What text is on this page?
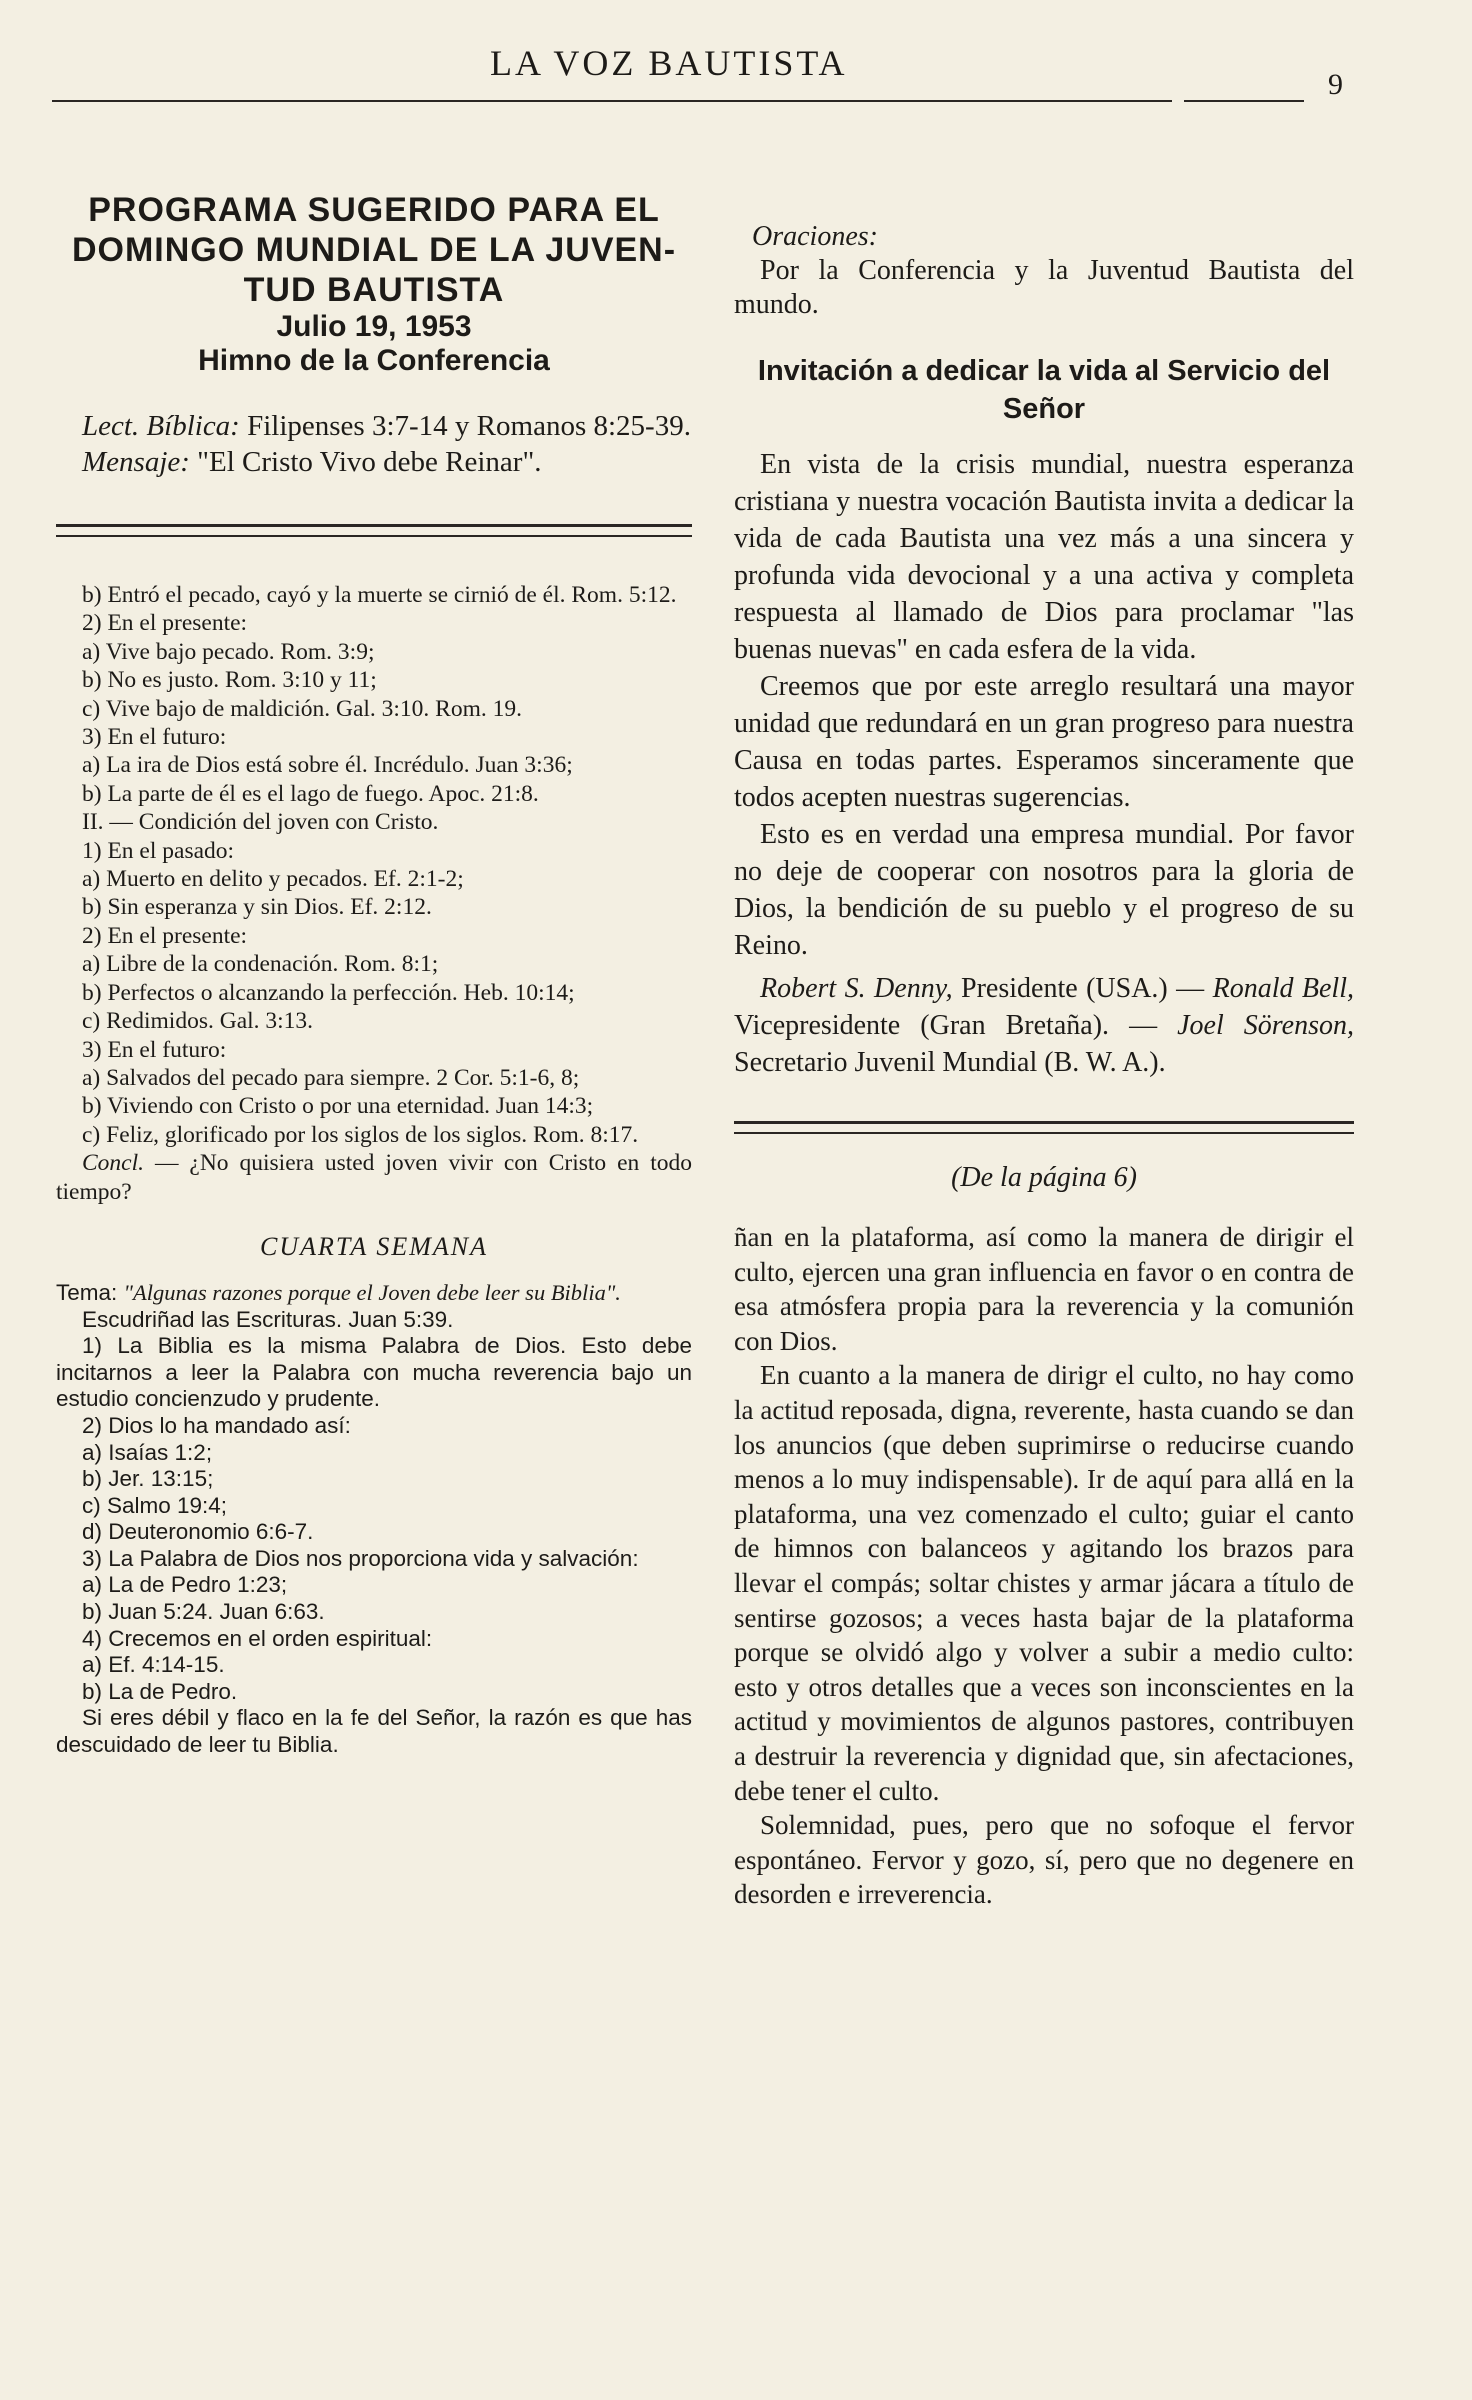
LA VOZ BAUTISTA
9

PROGRAMA SUGERIDO PARA EL

DOMINGO MUNDIAL DE LA JUVEN-

TUD BAUTISTA

Julio 19, 1953

Himno de la Conferencia

Lect. Bíblica: Filipenses 3:7-14 y Romanos 8:25-39.

Mensaje: "El Cristo Vivo debe Reinar".

b) Entró el pecado, cayó y la muerte se cirnió de él. Rom. 5:12.

2) En el presente:

a) Vive bajo pecado. Rom. 3:9;

b) No es justo. Rom. 3:10 y 11;

c) Vive bajo de maldición. Gal. 3:10. Rom. 19.

3) En el futuro:

a) La ira de Dios está sobre él. Incrédulo. Juan 3:36;

b) La parte de él es el lago de fuego. Apoc. 21:8.

II. — Condición del joven con Cristo.

1) En el pasado:

a) Muerto en delito y pecados. Ef. 2:1-2;

b) Sin esperanza y sin Dios. Ef. 2:12.

2) En el presente:

a) Libre de la condenación. Rom. 8:1;

b) Perfectos o alcanzando la perfección. Heb. 10:14;

c) Redimidos. Gal. 3:13.

3) En el futuro:

a) Salvados del pecado para siempre. 2 Cor. 5:1-6, 8;

b) Viviendo con Cristo o por una eternidad. Juan 14:3;

c) Feliz, glorificado por los siglos de los siglos. Rom. 8:17.

Concl. — ¿No quisiera usted joven vivir con Cristo en todo tiempo?

CUARTA SEMANA

Tema: "Algunas razones porque el Joven debe leer su Biblia".

Escudriñad las Escrituras. Juan 5:39.

1) La Biblia es la misma Palabra de Dios. Esto debe incitarnos a leer la Palabra con mucha reverencia bajo un estudio concienzudo y prudente.

2) Dios lo ha mandado así:

a) Isaías 1:2;

b) Jer. 13:15;

c) Salmo 19:4;

d) Deuteronomio 6:6-7.

3) La Palabra de Dios nos proporciona vida y salvación:

a) La de Pedro 1:23;

b) Juan 5:24. Juan 6:63.

4) Crecemos en el orden espiritual:

a) Ef. 4:14-15.

b) La de Pedro.

Si eres débil y flaco en la fe del Señor, la razón es que has descuidado de leer tu Biblia.

Oraciones:

Por la Conferencia y la Juventud Bautista del mundo.

Invitación a dedicar la vida al Servicio del Señor

En vista de la crisis mundial, nuestra esperanza cristiana y nuestra vocación Bautista invita a dedicar la vida de cada Bautista una vez más a una sincera y profunda vida devocional y a una activa y completa respuesta al llamado de Dios para proclamar "las buenas nuevas" en cada esfera de la vida.

Creemos que por este arreglo resultará una mayor unidad que redundará en un gran progreso para nuestra Causa en todas partes. Esperamos sinceramente que todos acepten nuestras sugerencias.

Esto es en verdad una empresa mundial. Por favor no deje de cooperar con nosotros para la gloria de Dios, la bendición de su pueblo y el progreso de su Reino.

Robert S. Denny, Presidente (USA.) — Ronald Bell, Vicepresidente (Gran Bretaña). — Joel Sörenson, Secretario Juvenil Mundial (B. W. A.).

(De la página 6)

ñan en la plataforma, así como la manera de dirigir el culto, ejercen una gran influencia en favor o en contra de esa atmósfera propia para la reverencia y la comunión con Dios.

En cuanto a la manera de dirigr el culto, no hay como la actitud reposada, digna, reverente, hasta cuando se dan los anuncios (que deben suprimirse o reducirse cuando menos a lo muy indispensable). Ir de aquí para allá en la plataforma, una vez comenzado el culto; guiar el canto de himnos con balanceos y agitando los brazos para llevar el compás; soltar chistes y armar jácara a título de sentirse gozosos; a veces hasta bajar de la plataforma porque se olvidó algo y volver a subir a medio culto: esto y otros detalles que a veces son inconscientes en la actitud y movimientos de algunos pastores, contribuyen a destruir la reverencia y dignidad que, sin afectaciones, debe tener el culto.

Solemnidad, pues, pero que no sofoque el fervor espontáneo. Fervor y gozo, sí, pero que no degenere en desorden e irreverencia.
